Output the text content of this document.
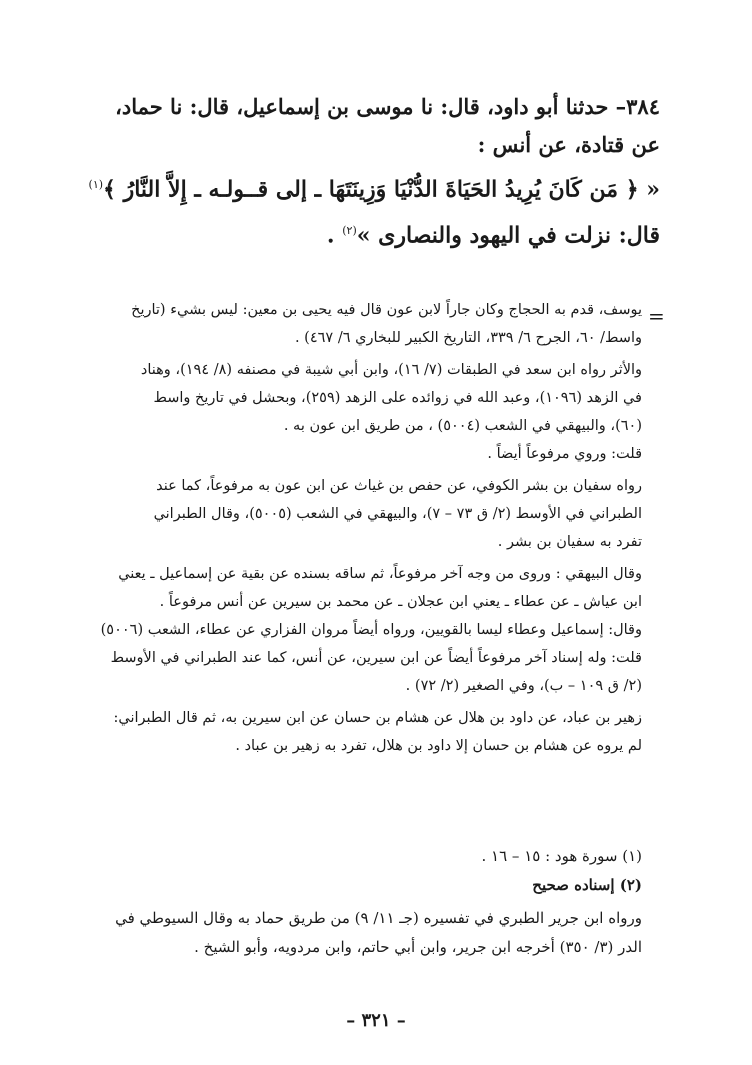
٣٨٤– حدثنا أبو داود، قال: نا موسى بن إسماعيل، قال: نا حماد،
عن قتادة، عن أنس :
« ﴿ مَن كَانَ يُرِيدُ الحَيَاةَ الدُّنْيَا وَزِينَتَهَا ـ إلى قــولـه ـ إِلاَّ النَّارُ ﴾$^{(١)}$
قال: نزلت في اليهود والنصارى »$^{(٢)}$ .
=
يوسف، قدم به الحجاج وكان جاراً لابن عون قال فيه يحيى بن معين: ليس بشيء (تاريخ
واسط/ ٦٠، الجرح ٦/ ٣٣٩، التاريخ الكبير للبخاري ٦/ ٤٦٧) .
والأثر رواه ابن سعد في الطبقات (٧/ ١٦)، وابن أبي شيبة في مصنفه (٨/ ١٩٤)، وهناد
في الزهد (١٠٩٦)، وعبد الله في زوائده على الزهد (٢٥٩)، وبحشل في تاريخ واسط
(٦٠)، والبيهقي في الشعب (٥٠٠٤) ، من طريق ابن عون به .
قلت: وروي مرفوعاً أيضاً .
رواه سفيان بن بشر الكوفي، عن حفص بن غياث عن ابن عون به مرفوعاً، كما عند
الطبراني في الأوسط (٢/ ق ٧٣ – ٧)، والبيهقي في الشعب (٥٠٠٥)، وقال الطبراني
تفرد به سفيان بن بشر .
وقال البيهقي : وروى من وجه آخر مرفوعاً، ثم ساقه بسنده عن بقية عن إسماعيل ـ يعني
ابن عياش ـ عن عطاء ـ يعني ابن عجلان ـ عن محمد بن سيرين عن أنس مرفوعاً .
وقال: إسماعيل وعطاء ليسا بالقويين، ورواه أيضاً مروان الفزاري عن عطاء، الشعب (٥٠٠٦)
قلت: وله إسناد آخر مرفوعاً أيضاً عن ابن سيرين، عن أنس، كما عند الطبراني في الأوسط
(٢/ ق ١٠٩ – ب)، وفي الصغير (٢/ ٧٢) .
زهير بن عباد، عن داود بن هلال عن هشام بن حسان عن ابن سيرين به، ثم قال الطبراني:
لم يروه عن هشام بن حسان إلا داود بن هلال، تفرد به زهير بن عباد .
(١) سورة هود : ١٥ – ١٦ .
(٢) إسناده صحيح
ورواه ابن جرير الطبري في تفسيره (جـ ١١/ ٩) من طريق حماد به وقال السيوطي في
الدر (٣/ ٣٥٠) أخرجه ابن جرير، وابن أبي حاتم، وابن مردويه، وأبو الشيخ .
– ٣٢١ –
